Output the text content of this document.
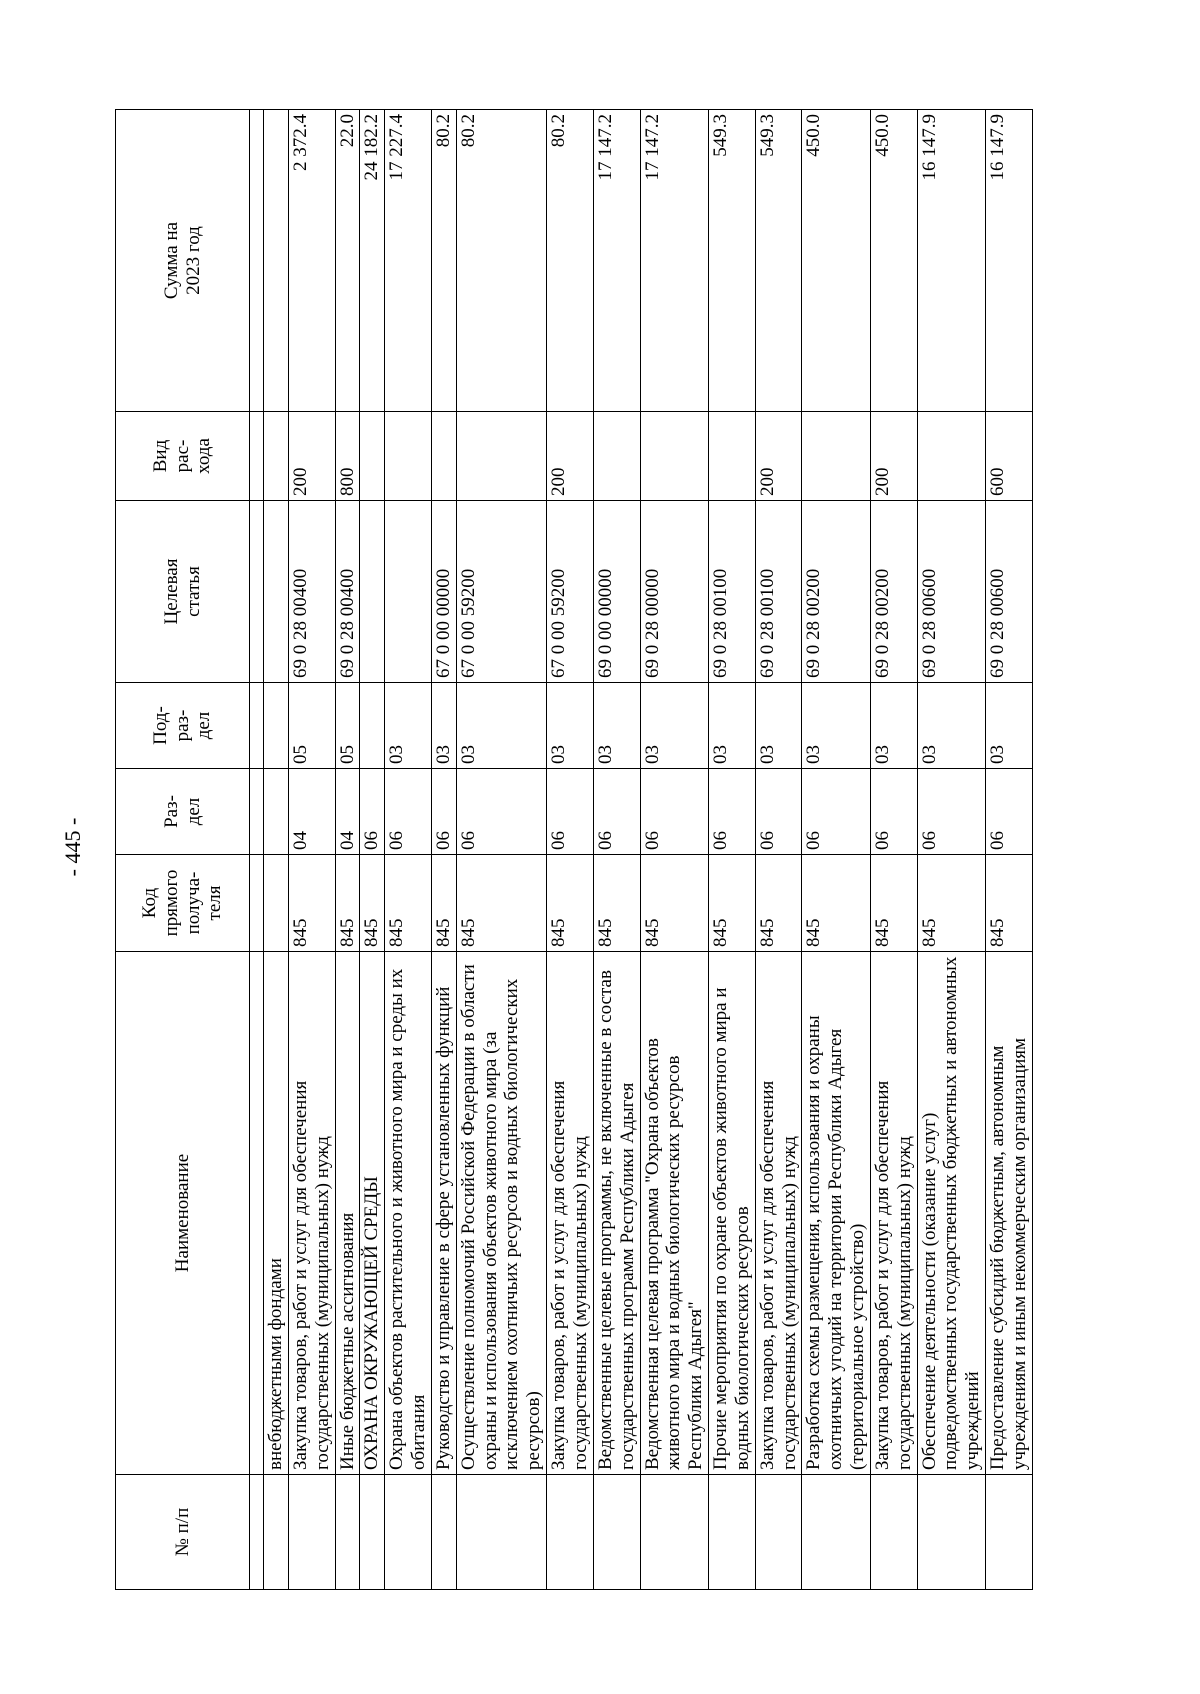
- 445 -
№ п/п	Наименование	Код
прямого
получа-
теля	Раз-
дел	Под-
раз-
дел	Целевая
статья	Вид
рас-
хода	Сумма на
2023 год

	внебюджетными фондами						
	Закупка товаров, работ и услуг для обеспечения государственных (муниципальных) нужд	845	04	05	69 0 28 00400	200	2 372.4
	Иные бюджетные ассигнования	845	04	05	69 0 28 00400	800	22.0
	ОХРАНА ОКРУЖАЮЩЕЙ СРЕДЫ	845	06				24 182.2
	Охрана объектов растительного и животного мира и среды их обитания	845	06	03			17 227.4
	Руководство и управление в сфере установленных функций	845	06	03	67 0 00 00000		80.2
	Осуществление полномочий Российской Федерации в области охраны и использования объектов животного мира (за исключением охотничьих ресурсов и водных биологических ресурсов)	845	06	03	67 0 00 59200		80.2
	Закупка товаров, работ и услуг для обеспечения государственных (муниципальных) нужд	845	06	03	67 0 00 59200	200	80.2
	Ведомственные целевые программы, не включенные в состав государственных программ Республики Адыгея	845	06	03	69 0 00 00000		17 147.2
	Ведомственная целевая программа "Охрана объектов животного мира и водных биологических ресурсов Республики Адыгея"	845	06	03	69 0 28 00000		17 147.2
	Прочие мероприятия по охране объектов животного мира и водных биологических ресурсов	845	06	03	69 0 28 00100		549.3
	Закупка товаров, работ и услуг для обеспечения государственных (муниципальных) нужд	845	06	03	69 0 28 00100	200	549.3
	Разработка схемы размещения, использования и охраны охотничьих угодий на территории Республики Адыгея (территориальное устройство)	845	06	03	69 0 28 00200		450.0
	Закупка товаров, работ и услуг для обеспечения государственных (муниципальных) нужд	845	06	03	69 0 28 00200	200	450.0
	Обеспечение деятельности (оказание услуг) подведомственных государственных бюджетных и автономных учреждений	845	06	03	69 0 28 00600		16 147.9
	Предоставление субсидий бюджетным, автономным учреждениям и иным некоммерческим организациям	845	06	03	69 0 28 00600	600	16 147.9
